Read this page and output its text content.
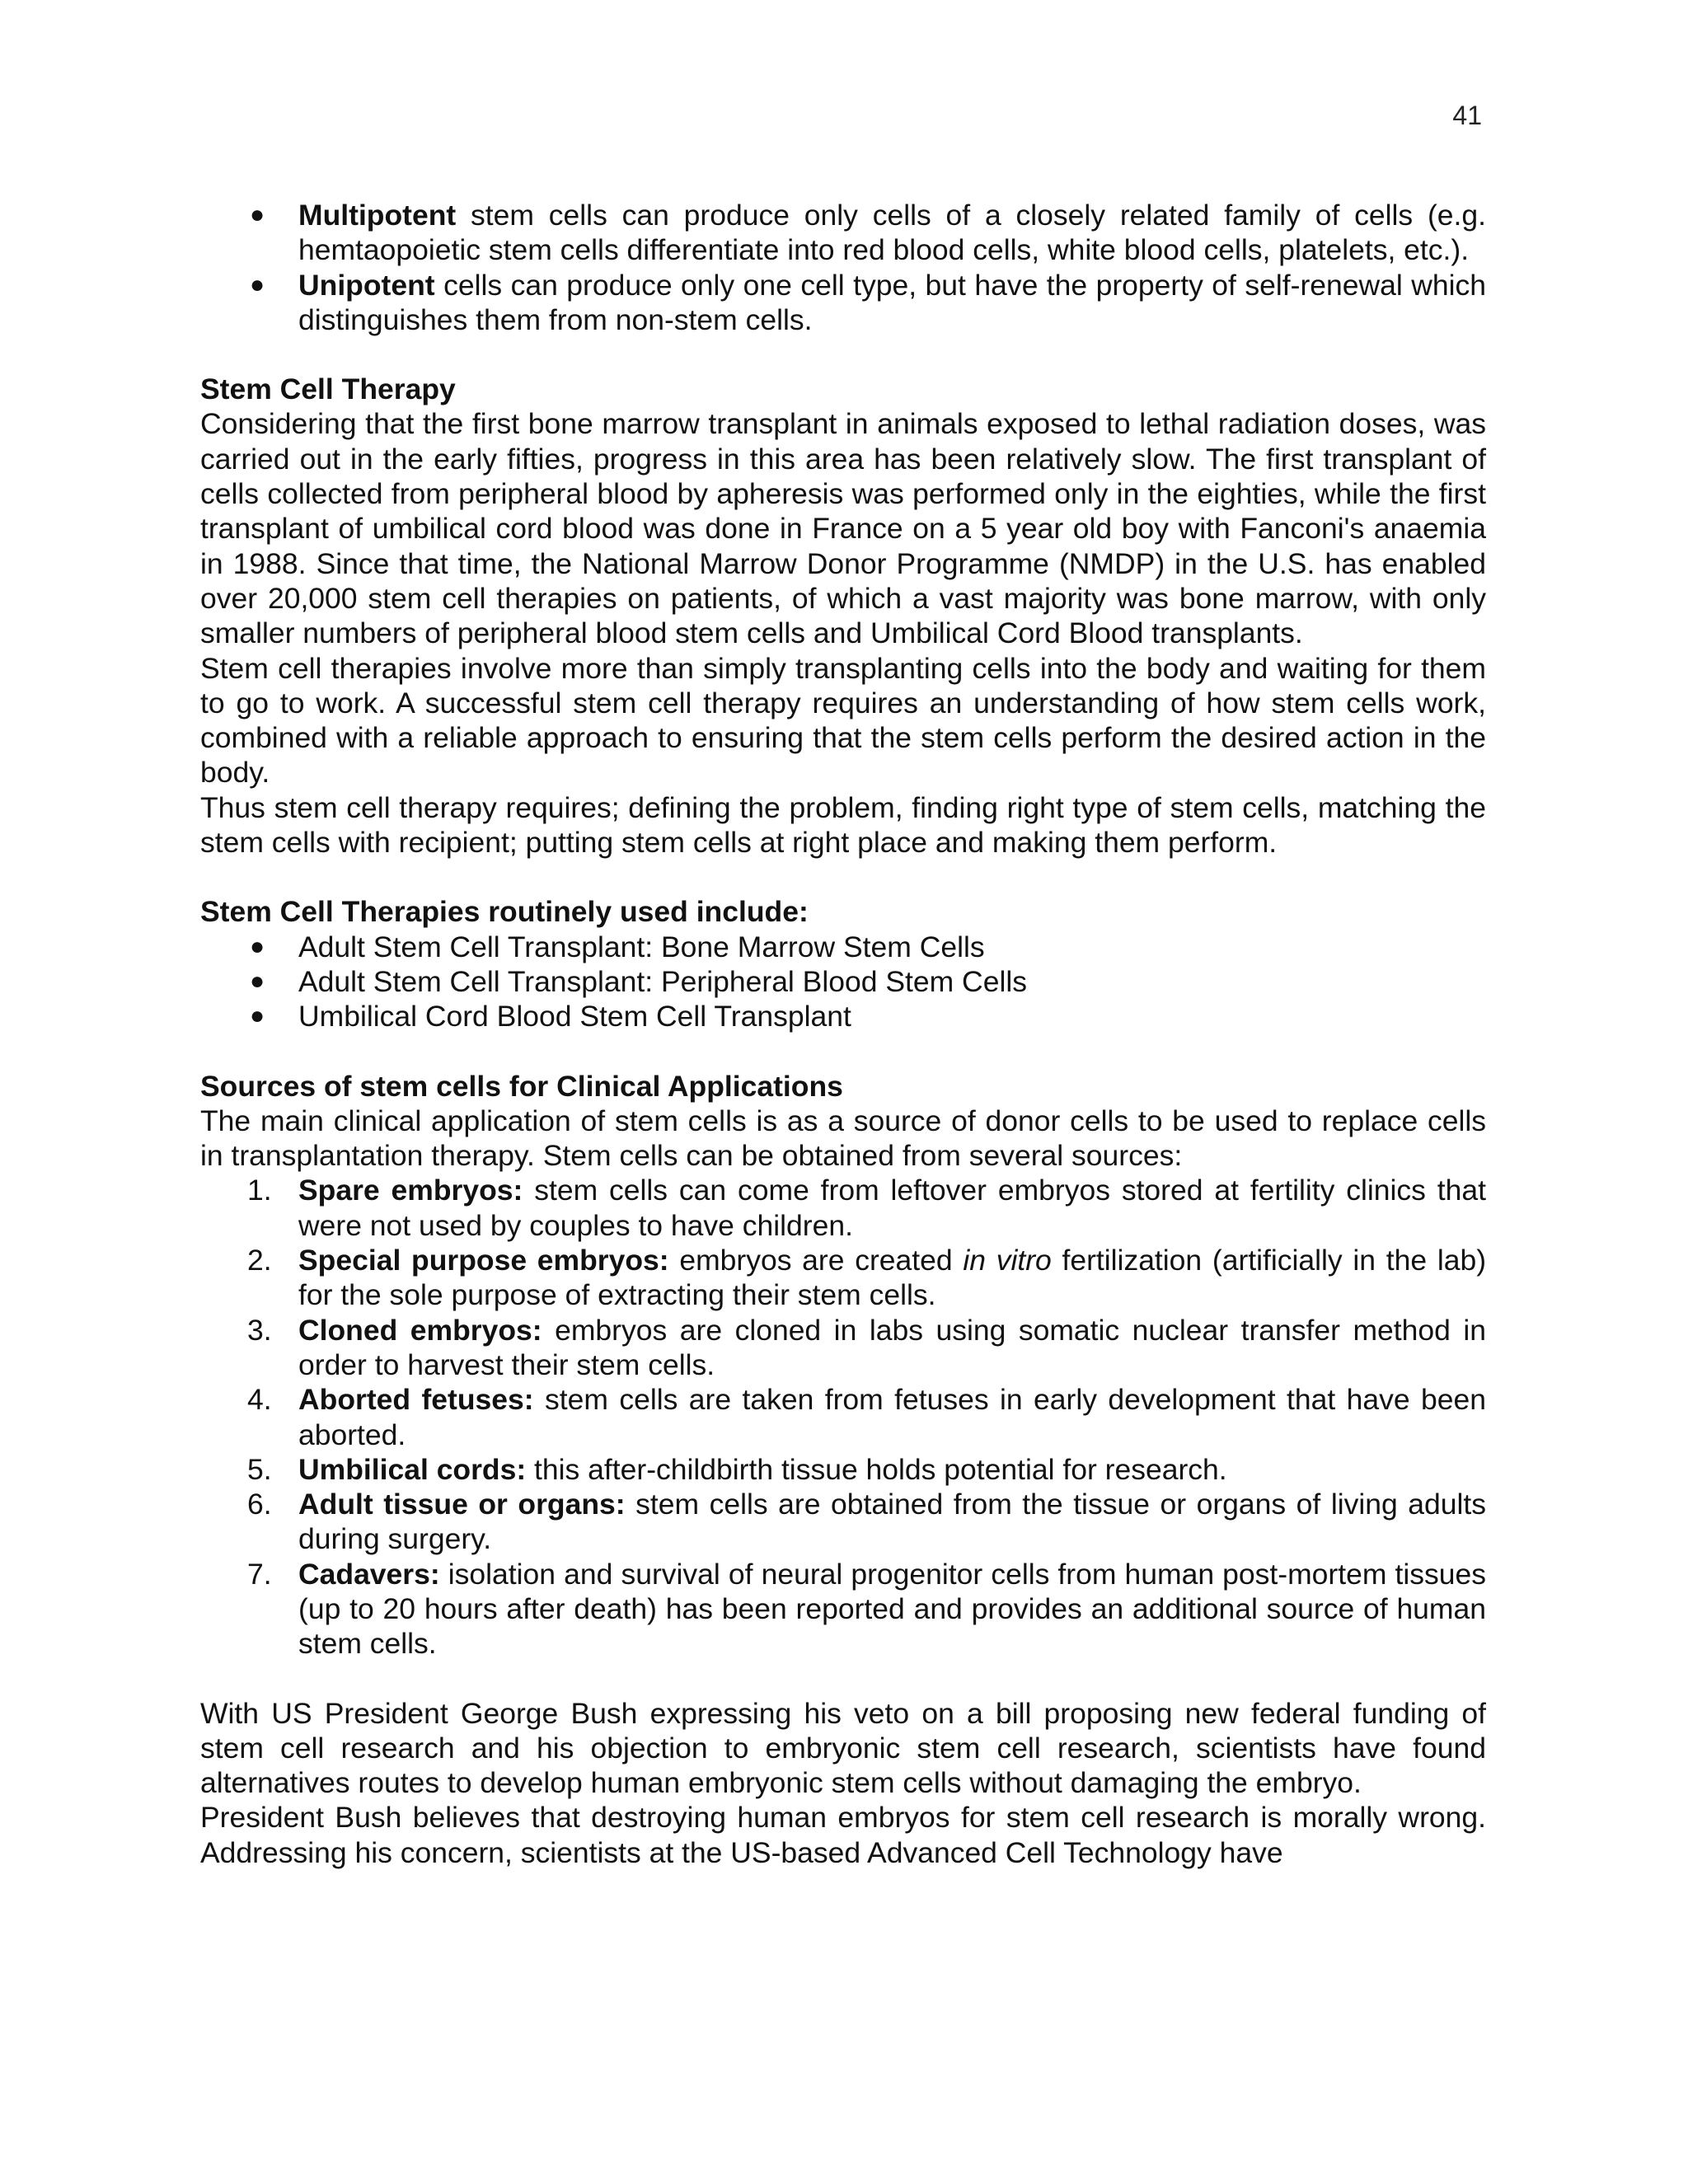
41
● Multipotent stem cells can produce only cells of a closely related family of cells (e.g. hemtaopoietic stem cells differentiate into red blood cells, white blood cells, platelets, etc.).
● Unipotent cells can produce only one cell type, but have the property of self-renewal which distinguishes them from non-stem cells.

Stem Cell Therapy

Considering that the first bone marrow transplant in animals exposed to lethal radiation doses, was carried out in the early fifties, progress in this area has been relatively slow. The first transplant of cells collected from peripheral blood by apheresis was performed only in the eighties, while the first transplant of umbilical cord blood was done in France on a 5 year old boy with Fanconi's anaemia in 1988. Since that time, the National Marrow Donor Programme (NMDP) in the U.S. has enabled over 20,000 stem cell therapies on patients, of which a vast majority was bone marrow, with only smaller numbers of peripheral blood stem cells and Umbilical Cord Blood transplants.

Stem cell therapies involve more than simply transplanting cells into the body and waiting for them to go to work. A successful stem cell therapy requires an understanding of how stem cells work, combined with a reliable approach to ensuring that the stem cells perform the desired action in the body.

Thus stem cell therapy requires; defining the problem, finding right type of stem cells, matching the stem cells with recipient; putting stem cells at right place and making them perform.

Stem Cell Therapies routinely used include:

● Adult Stem Cell Transplant: Bone Marrow Stem Cells
● Adult Stem Cell Transplant: Peripheral Blood Stem Cells
● Umbilical Cord Blood Stem Cell Transplant

Sources of stem cells for Clinical Applications

The main clinical application of stem cells is as a source of donor cells to be used to replace cells in transplantation therapy. Stem cells can be obtained from several sources:

1. Spare embryos: stem cells can come from leftover embryos stored at fertility clinics that were not used by couples to have children.
2. Special purpose embryos: embryos are created in vitro fertilization (artificially in the lab) for the sole purpose of extracting their stem cells.
3. Cloned embryos: embryos are cloned in labs using somatic nuclear transfer method in order to harvest their stem cells.
4. Aborted fetuses: stem cells are taken from fetuses in early development that have been aborted.
5. Umbilical cords: this after-childbirth tissue holds potential for research.
6. Adult tissue or organs: stem cells are obtained from the tissue or organs of living adults during surgery.
7. Cadavers: isolation and survival of neural progenitor cells from human post-mortem tissues (up to 20 hours after death) has been reported and provides an additional source of human stem cells.

With US President George Bush expressing his veto on a bill proposing new federal funding of stem cell research and his objection to embryonic stem cell research, scientists have found alternatives routes to develop human embryonic stem cells without damaging the embryo.

President Bush believes that destroying human embryos for stem cell research is morally wrong. Addressing his concern, scientists at the US-based Advanced Cell Technology have
